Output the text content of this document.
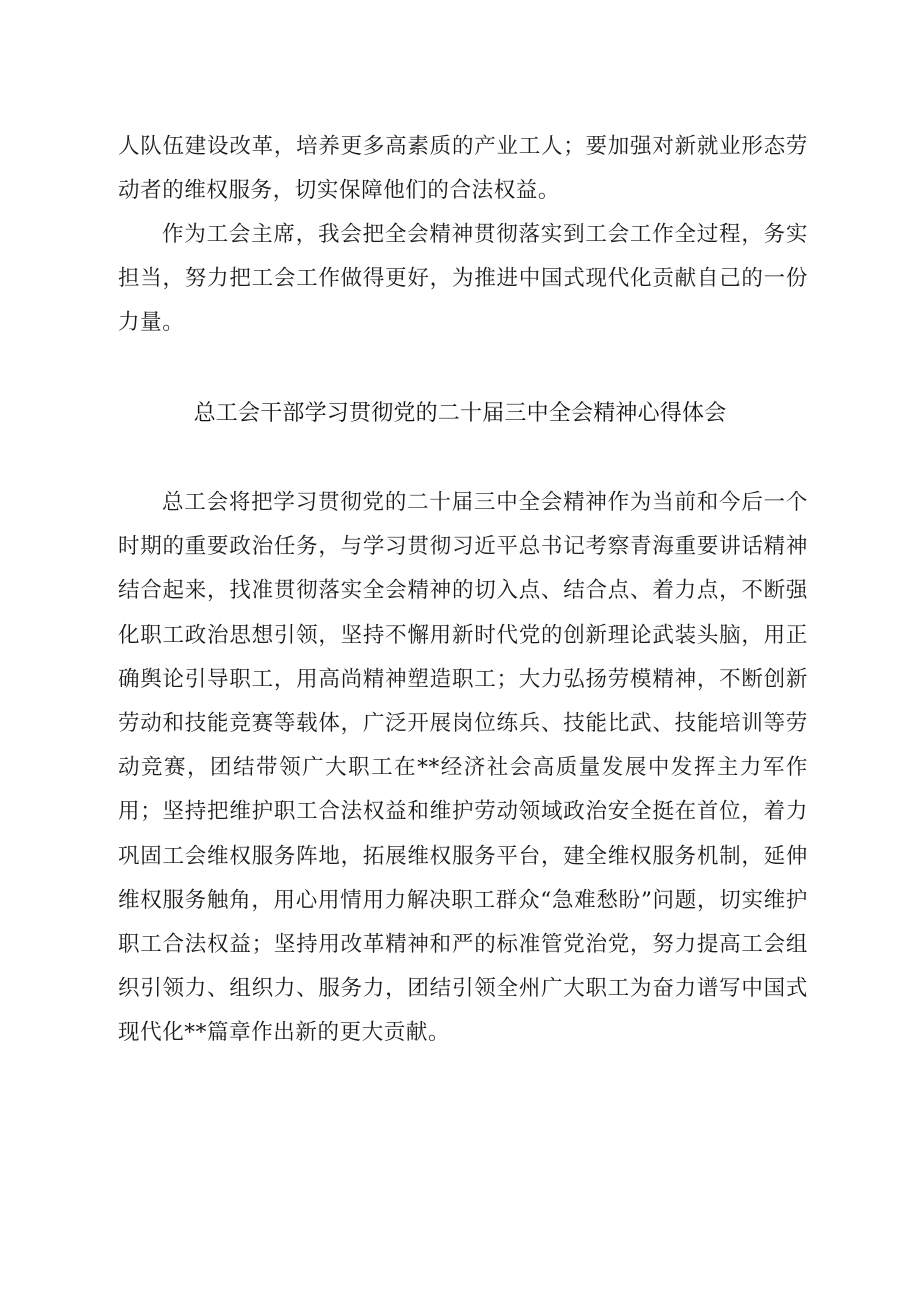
人队伍建设改革，培养更多高素质的产业工人；要加强对新就业形态劳动者的维权服务，切实保障他们的合法权益。

作为工会主席，我会把全会精神贯彻落实到工会工作全过程，务实担当，努力把工会工作做得更好，为推进中国式现代化贡献自己的一份力量。

总工会干部学习贯彻党的二十届三中全会精神心得体会

总工会将把学习贯彻党的二十届三中全会精神作为当前和今后一个时期的重要政治任务，与学习贯彻习近平总书记考察青海重要讲话精神结合起来，找准贯彻落实全会精神的切入点、结合点、着力点，不断强化职工政治思想引领，坚持不懈用新时代党的创新理论武装头脑，用正确舆论引导职工，用高尚精神塑造职工；大力弘扬劳模精神，不断创新劳动和技能竞赛等载体，广泛开展岗位练兵、技能比武、技能培训等劳动竞赛，团结带领广大职工在**经济社会高质量发展中发挥主力军作用；坚持把维护职工合法权益和维护劳动领域政治安全挺在首位，着力巩固工会维权服务阵地，拓展维权服务平台，建全维权服务机制，延伸维权服务触角，用心用情用力解决职工群众“急难愁盼”问题，切实维护职工合法权益；坚持用改革精神和严的标准管党治党，努力提高工会组织引领力、组织力、服务力，团结引领全州广大职工为奋力谱写中国式现代化**篇章作出新的更大贡献。
